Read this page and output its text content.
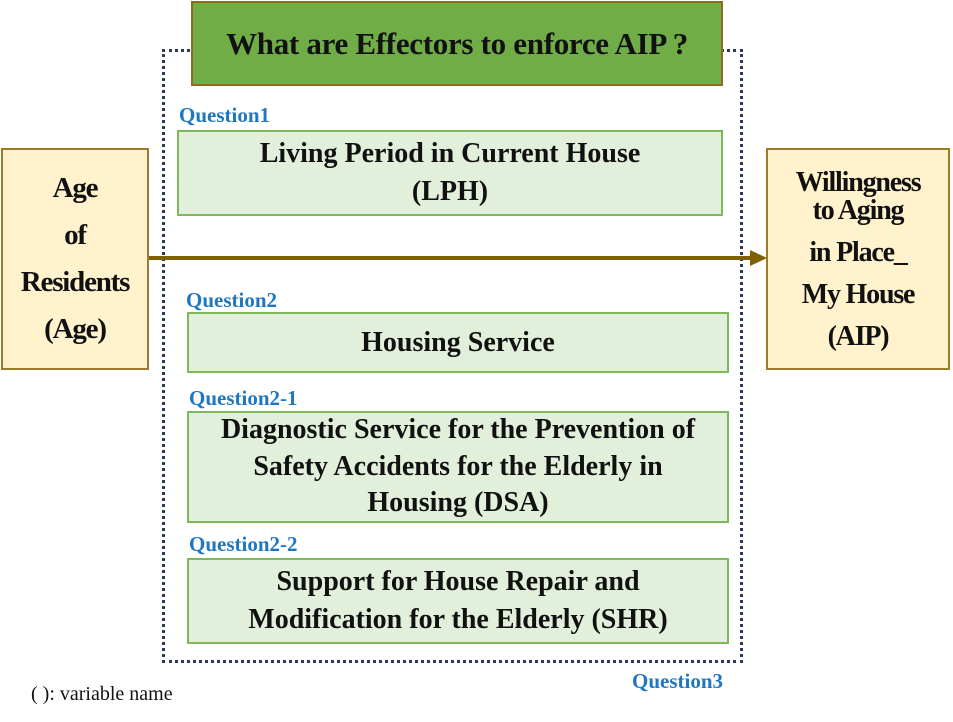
What are Effectors to enforce AIP ?
Age
of
Residents
(Age)
Willingness
to Aging
in Place_
My House
(AIP)
Question1
Living Period in Current House
(LPH)
Question2
Housing Service
Question2-1
Diagnostic Service for the Prevention of
Safety Accidents for the Elderly in
Housing (DSA)
Question2-2
Support for House Repair and
Modification for the Elderly (SHR)
Question3
( ): variable name
